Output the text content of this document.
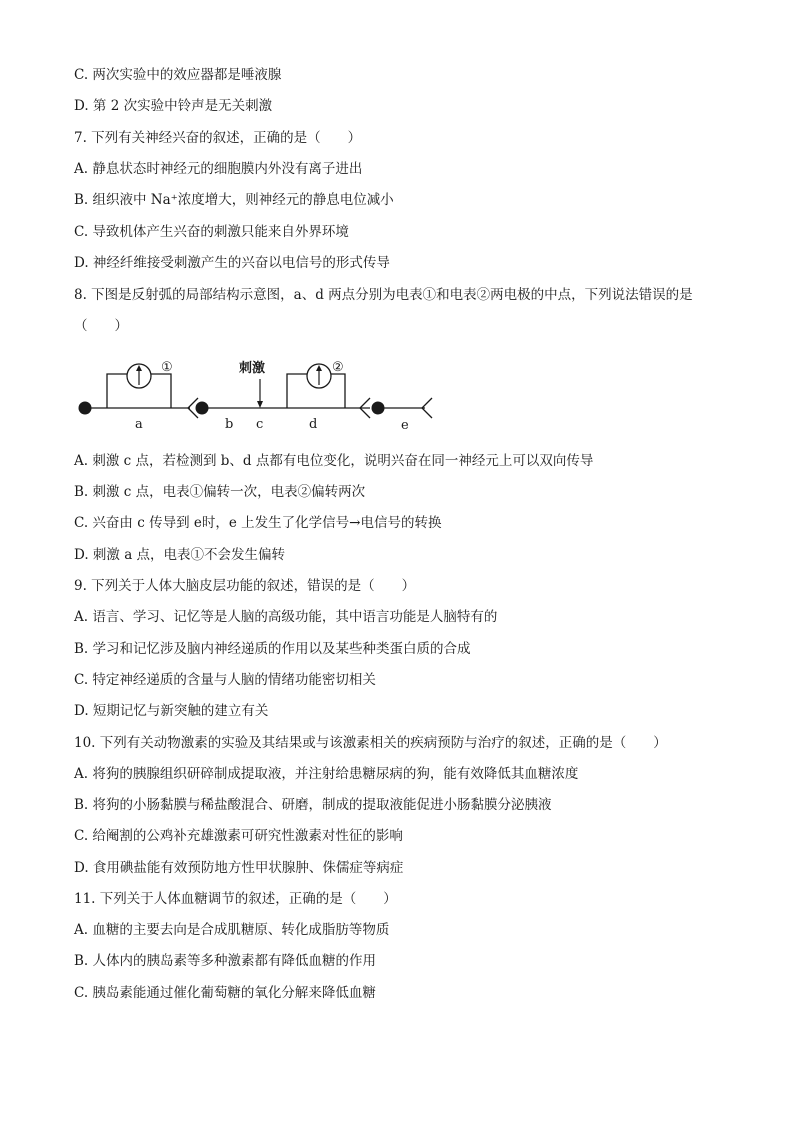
C. 两次实验中的效应器都是唾液腺
D. 第 2 次实验中铃声是无关刺激
7. 下列有关神经兴奋的叙述，正确的是（　　）
A. 静息状态时神经元的细胞膜内外没有离子进出
B. 组织液中 Na⁺浓度增大，则神经元的静息电位减小
C. 导致机体产生兴奋的刺激只能来自外界环境
D. 神经纤维接受刺激产生的兴奋以电信号的形式传导
8. 下图是反射弧的局部结构示意图，a、d 两点分别为电表①和电表②两电极的中点，下列说法错误的是
（　　）
①	刺激	②
a	b c	d	e
A. 刺激 c 点，若检测到 b、d 点都有电位变化，说明兴奋在同一神经元上可以双向传导
B. 刺激 c 点，电表①偏转一次，电表②偏转两次
C. 兴奋由 c 传导到 e时，e 上发生了化学信号→电信号的转换
D. 刺激 a 点，电表①不会发生偏转
9. 下列关于人体大脑皮层功能的叙述，错误的是（　　）
A. 语言、学习、记忆等是人脑的高级功能，其中语言功能是人脑特有的
B. 学习和记忆涉及脑内神经递质的作用以及某些种类蛋白质的合成
C. 特定神经递质的含量与人脑的情绪功能密切相关
D. 短期记忆与新突触的建立有关
10. 下列有关动物激素的实验及其结果或与该激素相关的疾病预防与治疗的叙述，正确的是（　　）
A. 将狗的胰腺组织研碎制成提取液，并注射给患糖尿病的狗，能有效降低其血糖浓度
B. 将狗的小肠黏膜与稀盐酸混合、研磨，制成的提取液能促进小肠黏膜分泌胰液
C. 给阉割的公鸡补充雄激素可研究性激素对性征的影响
D. 食用碘盐能有效预防地方性甲状腺肿、侏儒症等病症
11. 下列关于人体血糖调节的叙述，正确的是（　　）
A. 血糖的主要去向是合成肌糖原、转化成脂肪等物质
B. 人体内的胰岛素等多种激素都有降低血糖的作用
C. 胰岛素能通过催化葡萄糖的氧化分解来降低血糖
